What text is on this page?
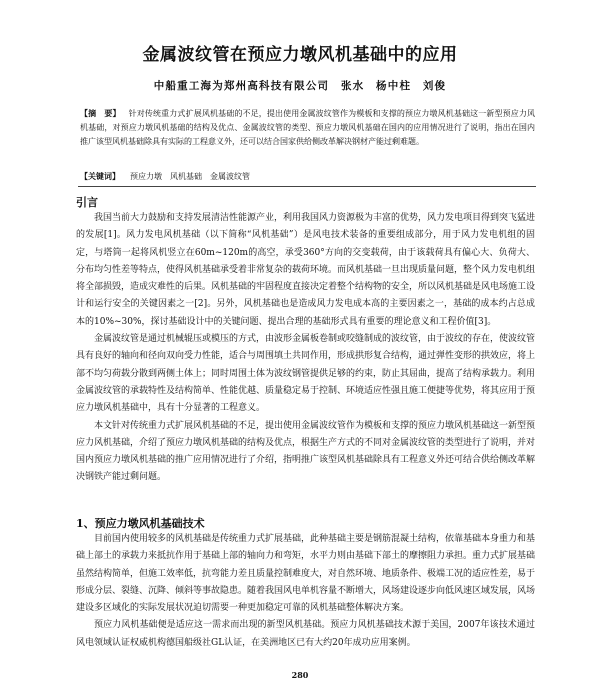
金属波纹管在预应力墩风机基础中的应用
中船重工海为郑州高科技有限公司　张水　杨中柱　刘俊
【摘　要】 针对传统重力式扩展风机基础的不足，提出使用金属波纹管作为模板和支撑的预应力墩风机基础这一新型预应力风机基础，对预应力墩风机基础的结构及优点、金属波纹管的类型、预应力墩风机基础在国内的应用情况进行了说明，指出在国内推广该型风机基础除具有实际的工程意义外，还可以结合国家供给侧改革解决钢材产能过剩难题。
【关键词】 预应力墩　风机基础　金属波纹管
引言

我国当前大力鼓励和支持发展清洁性能源产业，利用我国风力资源极为丰富的优势，风力发电项目得到突飞猛进的发展[1]。风力发电风机基础（以下简称“风机基础”）是风电技术装备的重要组成部分，用于风力发电机组的固定，与塔筒一起将风机竖立在60m~120m的高空，承受360°方向的交变载荷，由于该载荷具有偏心大、负荷大、分布均匀性差等特点，使得风机基础承受着非常复杂的载荷环境。而风机基础一旦出现质量问题，整个风力发电机组将全部损毁，造成灾难性的后果。风机基础的牢固程度直接决定着整个结构物的安全，所以风机基础是风电场施工设计和运行安全的关键因素之一[2]。另外，风机基础也是造成风力发电成本高的主要因素之一，基础的成本约占总成本的10%~30%，探讨基础设计中的关键问题、提出合理的基础形式具有重要的理论意义和工程价值[3]。

金属波纹管是通过机械辊压或模压的方式，由波形金属板卷制或咬缝制成的波纹管，由于波纹的存在，使波纹管具有良好的轴向和径向双向受力性能，适合与周围填土共同作用，形成拱形复合结构，通过弹性变形的拱效应，将上部不均匀荷载分散到两侧土体上；同时周围土体为波纹钢管提供足够的约束，防止其屈曲，提高了结构承载力。利用金属波纹管的承载特性及结构简单、性能优越、质量稳定易于控制、环境适应性强且施工便捷等优势，将其应用于预应力墩风机基础中，具有十分显著的工程意义。

本文针对传统重力式扩展风机基础的不足，提出使用金属波纹管作为模板和支撑的预应力墩风机基础这一新型预应力风机基础，介绍了预应力墩风机基础的结构及优点，根据生产方式的不同对金属波纹管的类型进行了说明，并对国内预应力墩风机基础的推广应用情况进行了介绍，指明推广该型风机基础除具有工程意义外还可结合供给侧改革解决钢铁产能过剩问题。

1、预应力墩风机基础技术

目前国内使用较多的风机基础是传统重力式扩展基础，此种基础主要是钢筋混凝土结构，依靠基础本身重力和基础上部土的承载力来抵抗作用于基础上部的轴向力和弯矩，水平力则由基础下部土的摩擦阻力承担。重力式扩展基础虽然结构简单，但施工效率低，抗弯能力差且质量控制难度大，对自然环境、地质条件、极端工况的适应性差，易于形成分层、裂缝、沉降、倾斜等事故隐患。随着我国风电单机容量不断增大，风场建设逐步向低风速区域发展，风场建设多区域化的实际发展状况迫切需要一种更加稳定可靠的风机基础整体解决方案。

预应力风机基础便是适应这一需求而出现的新型风机基础。预应力风机基础技术源于美国，2007年该技术通过风电领域认证权威机构德国船级社GL认证，在美洲地区已有大约20年成功应用案例。

280
